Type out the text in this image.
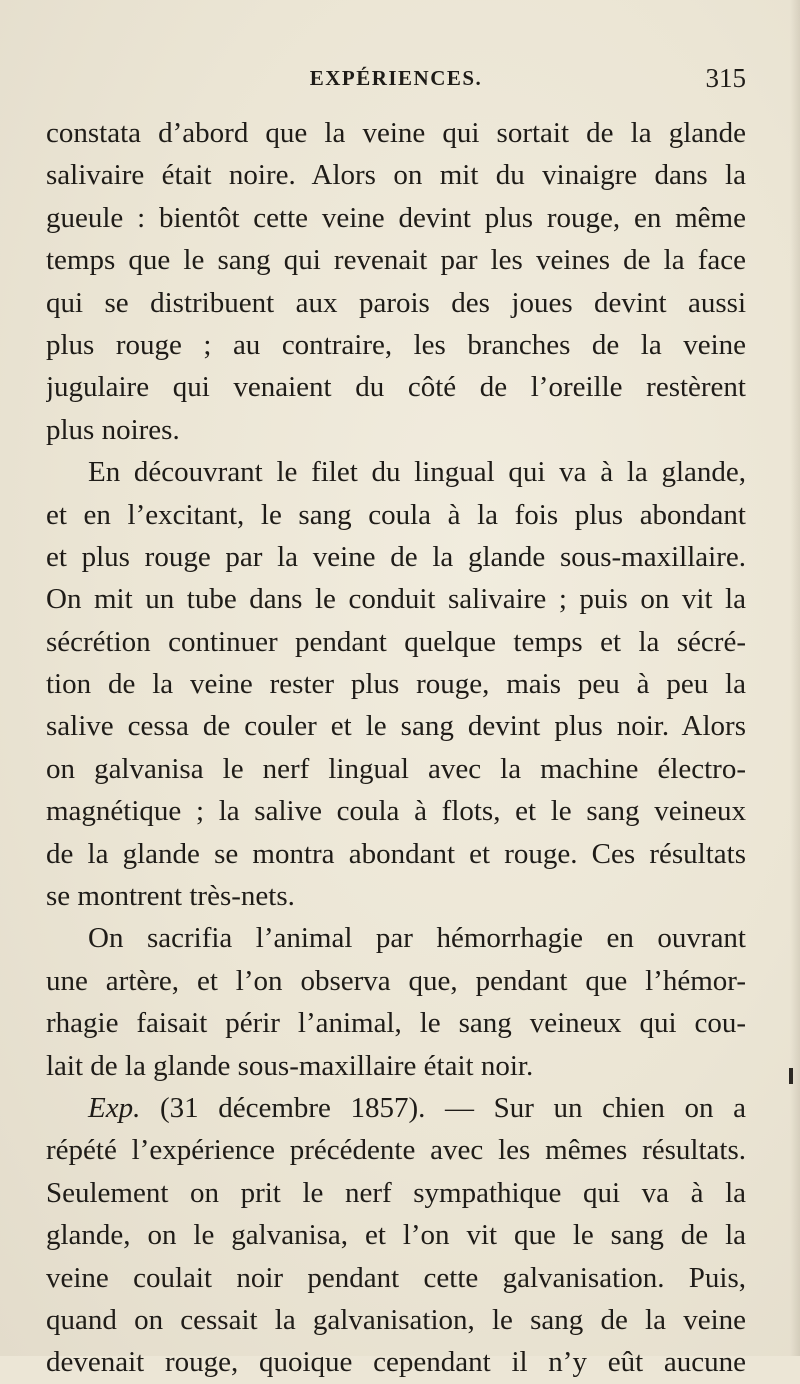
EXPÉRIENCES.	315
constata d’abord que la veine qui sortait de la glande
salivaire était noire. Alors on mit du vinaigre dans la
gueule : bientôt cette veine devint plus rouge, en même
temps que le sang qui revenait par les veines de la face
qui se distribuent aux parois des joues devint aussi
plus rouge ; au contraire, les branches de la veine
jugulaire qui venaient du côté de l’oreille restèrent
plus noires.
En découvrant le filet du lingual qui va à la glande,
et en l’excitant, le sang coula à la fois plus abondant
et plus rouge par la veine de la glande sous-maxillaire.
On mit un tube dans le conduit salivaire ; puis on vit la
sécrétion continuer pendant quelque temps et la sécré-
tion de la veine rester plus rouge, mais peu à peu la
salive cessa de couler et le sang devint plus noir. Alors
on galvanisa le nerf lingual avec la machine électro-
magnétique ; la salive coula à flots, et le sang veineux
de la glande se montra abondant et rouge. Ces résultats
se montrent très-nets.
On sacrifia l’animal par hémorrhagie en ouvrant
une artère, et l’on observa que, pendant que l’hémor-
rhagie faisait périr l’animal, le sang veineux qui cou-
lait de la glande sous-maxillaire était noir.
Exp. (31 décembre 1857). — Sur un chien on a
répété l’expérience précédente avec les mêmes résultats.
Seulement on prit le nerf sympathique qui va à la
glande, on le galvanisa, et l’on vit que le sang de la
veine coulait noir pendant cette galvanisation. Puis,
quand on cessait la galvanisation, le sang de la veine
devenait rouge, quoique cependant il n’y eût aucune
